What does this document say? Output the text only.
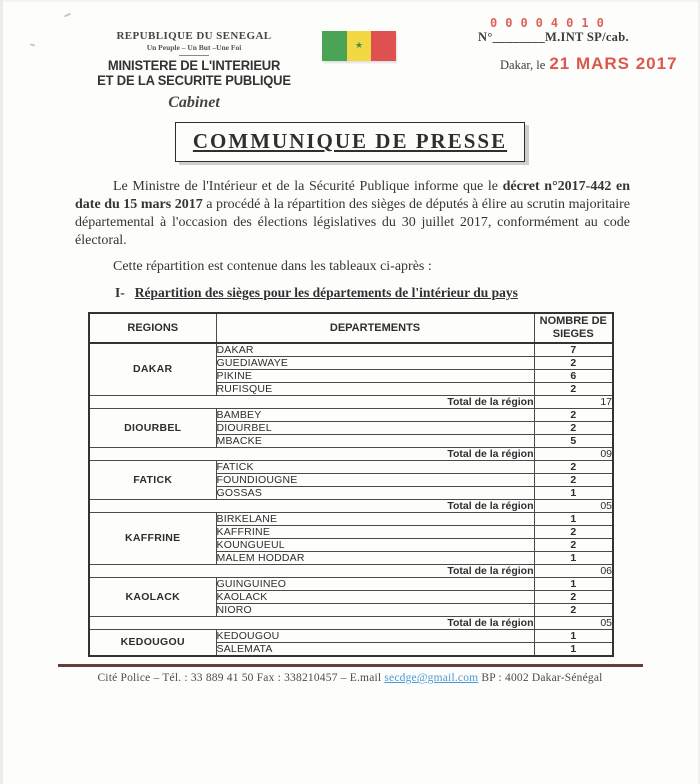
REPUBLIQUE DU SENEGAL
Un Peuple – Un But –Une Foi
MINISTERE DE L'INTERIEUR
ET DE LA SECURITE PUBLIQUE
Cabinet
★
00004010
N°________M.INT SP/cab.
Dakar, le 21 MARS 2017
COMMUNIQUE DE PRESSE

Le Ministre de l'Intérieur et de la Sécurité Publique informe que le décret n°2017-442 en date du 15 mars 2017 a procédé à la répartition des sièges de députés à élire au scrutin majoritaire départemental à l'occasion des élections législatives du 30 juillet 2017, conformément au code électoral.

Cette répartition est contenue dans les tableaux ci-après :

I- Répartition des sièges pour les départements de l'intérieur du pays
REGIONS	DEPARTEMENTS	NOMBRE DE SIEGES
DAKAR	DAKAR	7
	GUEDIAWAYE	2
	PIKINE	6
	RUFISQUE	2
Total de la région		17
DIOURBEL	BAMBEY	2
	DIOURBEL	2
	MBACKE	5
Total de la région		09
FATICK	FATICK	2
	FOUNDIOUGNE	2
	GOSSAS	1
Total de la région		05
KAFFRINE	BIRKELANE	1
	KAFFRINE	2
	KOUNGUEUL	2
	MALEM HODDAR	1
Total de la région		06
KAOLACK	GUINGUINEO	1
	KAOLACK	2
	NIORO	2
Total de la région		05
KEDOUGOU	KEDOUGOU	1
	SALEMATA	1
Cité Police – Tél. : 33 889 41 50 Fax : 338210457 – E.mail secdge@gmail.com BP : 4002 Dakar-Sénégal
